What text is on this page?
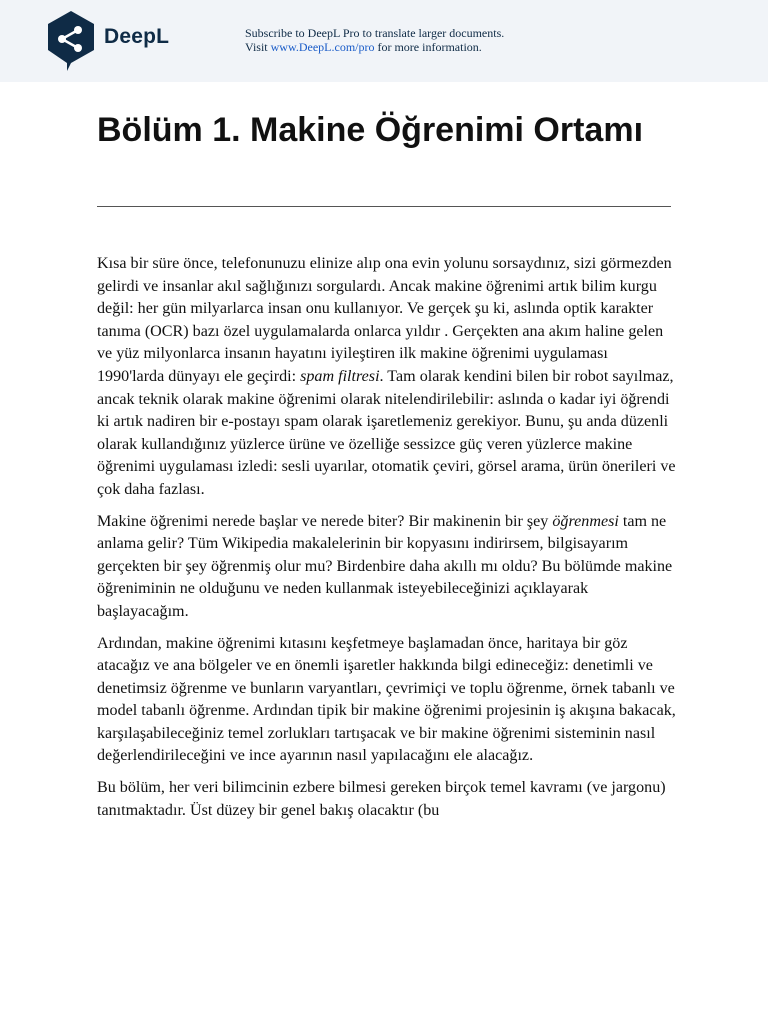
DeepL	Subscribe to DeepL Pro to translate larger documents.
Visit www.DeepL.com/pro for more information.
Bölüm 1. Makine Öğrenimi Ortamı

Kısa bir süre önce, telefonunuzu elinize alıp ona evin yolunu sorsaydınız, sizi görmezden gelirdi ve insanlar akıl sağlığınızı sorgulardı. Ancak makine öğrenimi artık bilim kurgu değil: her gün milyarlarca insan onu kullanıyor. Ve gerçek şu ki, aslında optik karakter tanıma (OCR) bazı özel uygulamalarda onlarca yıldır . Gerçekten ana akım haline gelen ve yüz milyonlarca insanın hayatını iyileştiren ilk makine öğrenimi uygulaması 1990'larda dünyayı ele geçirdi: spam filtresi. Tam olarak kendini bilen bir robot sayılmaz, ancak teknik olarak makine öğrenimi olarak nitelendirilebilir: aslında o kadar iyi öğrendi ki artık nadiren bir e-postayı spam olarak işaretlemeniz gerekiyor. Bunu, şu anda düzenli olarak kullandığınız yüzlerce ürüne ve özelliğe sessizce güç veren yüzlerce makine öğrenimi uygulaması izledi: sesli uyarılar, otomatik çeviri, görsel arama, ürün önerileri ve çok daha fazlası.

Makine öğrenimi nerede başlar ve nerede biter? Bir makinenin bir şey öğrenmesi tam ne anlama gelir? Tüm Wikipedia makalelerinin bir kopyasını indirirsem, bilgisayarım gerçekten bir şey öğrenmiş olur mu? Birdenbire daha akıllı mı oldu? Bu bölümde makine öğreniminin ne olduğunu ve neden kullanmak isteyebileceğinizi açıklayarak başlayacağım.

Ardından, makine öğrenimi kıtasını keşfetmeye başlamadan önce, haritaya bir göz atacağız ve ana bölgeler ve en önemli işaretler hakkında bilgi edineceğiz: denetimli ve denetimsiz öğrenme ve bunların varyantları, çevrimiçi ve toplu öğrenme, örnek tabanlı ve model tabanlı öğrenme. Ardından tipik bir makine öğrenimi projesinin iş akışına bakacak, karşılaşabileceğiniz temel zorlukları tartışacak ve bir makine öğrenimi sisteminin nasıl değerlendirileceğini ve ince ayarının nasıl yapılacağını ele alacağız.

Bu bölüm, her veri bilimcinin ezbere bilmesi gereken birçok temel kavramı (ve jargonu) tanıtmaktadır. Üst düzey bir genel bakış olacaktır (bu
